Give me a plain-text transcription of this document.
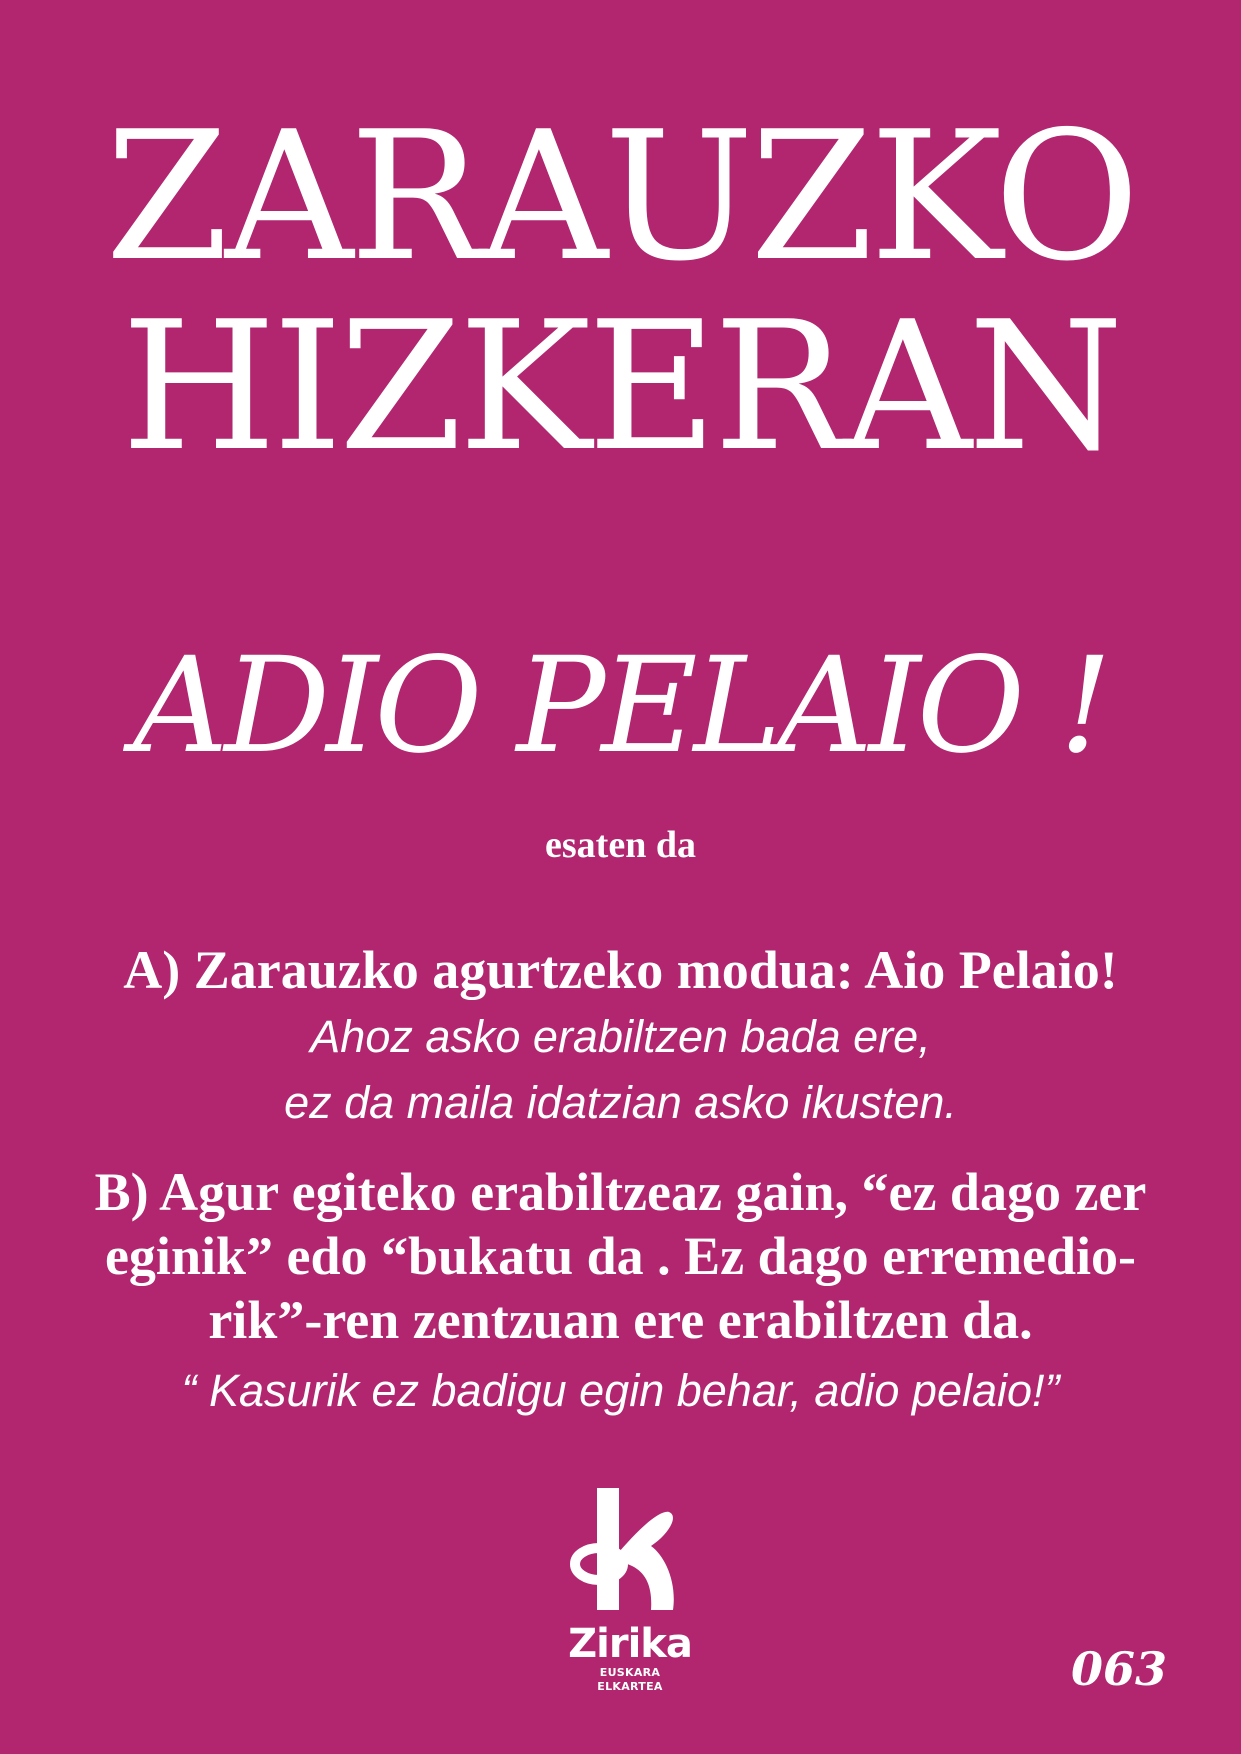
ZARAUZKO
HIZKERAN
ADIO PELAIO !
esaten da
A) Zarauzko agurtzeko modua: Aio Pelaio!
Ahoz asko erabiltzen bada ere,
ez da maila idatzian asko ikusten.
B) Agur egiteko erabiltzeaz gain, “ez dago zer eginik” edo “bukatu da . Ez dago erremedio-rik”-ren zentzuan ere erabiltzen da.
“ Kasurik ez badigu egin behar, adio pelaio!”
Zirika
EUSKARA ELKARTEA	063
